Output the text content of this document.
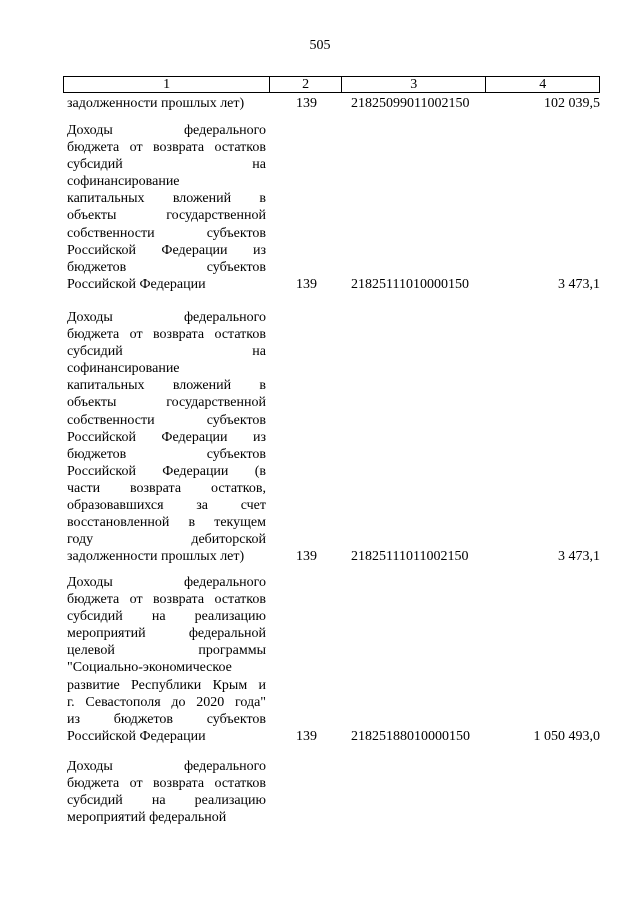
505
1	2	3	4
задолженности прошлых лет)	139 21825099011002150	102 039,5
Доходы федерального
бюджета от возврата остатков
субсидий на
софинансирование
капитальных вложений в
объекты государственной
собственности субъектов
Российской Федерации из
бюджетов субъектов
Российской Федерации	139 21825111010000150	3 473,1
Доходы федерального
бюджета от возврата остатков
субсидий на
софинансирование
капитальных вложений в
объекты государственной
собственности субъектов
Российской Федерации из
бюджетов субъектов
Российской Федерации (в
части возврата остатков,
образовавшихся за счет
восстановленной в текущем
году дебиторской
задолженности прошлых лет)	139 21825111011002150	3 473,1
Доходы федерального
бюджета от возврата остатков
субсидий на реализацию
мероприятий федеральной
целевой программы
"Социально-экономическое
развитие Республики Крым и
г. Севастополя до 2020 года"
из бюджетов субъектов
Российской Федерации	139 21825188010000150	1 050 493,0
Доходы федерального
бюджета от возврата остатков
субсидий на реализацию
мероприятий федеральной
